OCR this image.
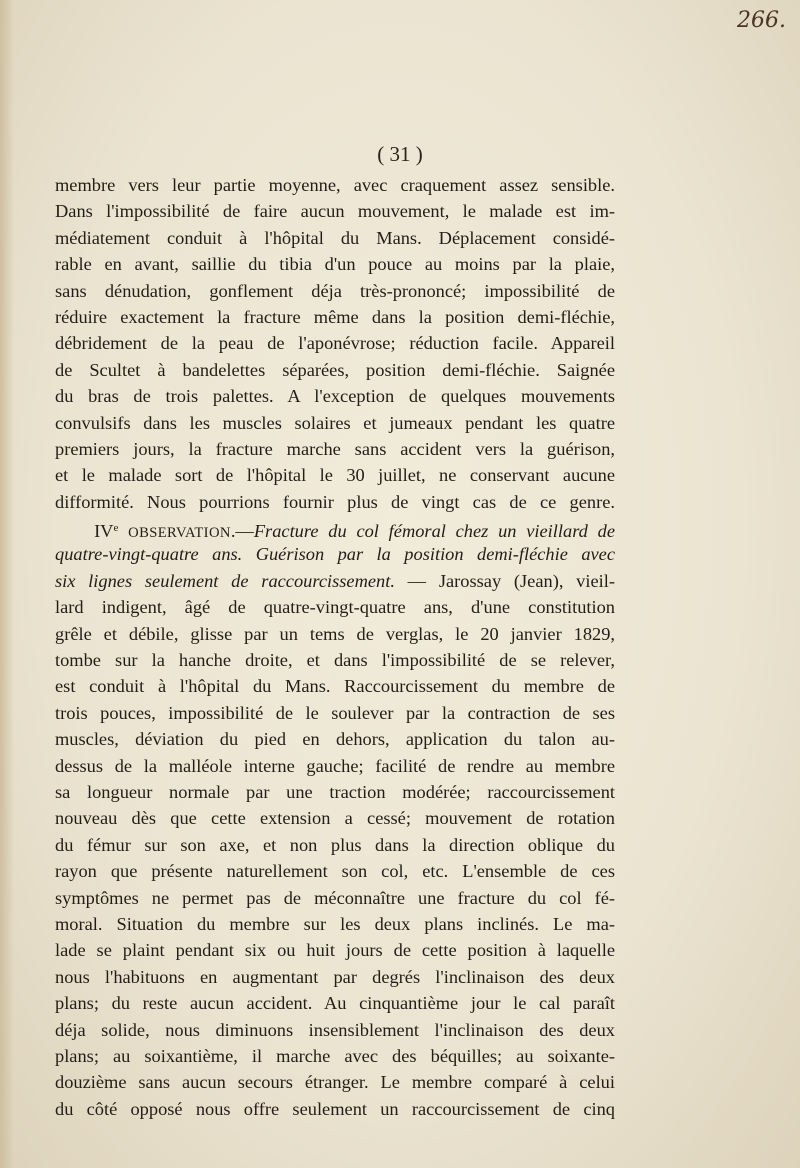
266.
( 31 )
membre vers leur partie moyenne, avec craquement assez sensible.
Dans l'impossibilité de faire aucun mouvement, le malade est im-
médiatement conduit à l'hôpital du Mans. Déplacement considé-
rable en avant, saillie du tibia d'un pouce au moins par la plaie,
sans dénudation, gonflement déja très-prononcé; impossibilité de
réduire exactement la fracture même dans la position demi-fléchie,
débridement de la peau de l'aponévrose; réduction facile. Appareil
de Scultet à bandelettes séparées, position demi-fléchie. Saignée
du bras de trois palettes. A l'exception de quelques mouvements
convulsifs dans les muscles solaires et jumeaux pendant les quatre
premiers jours, la fracture marche sans accident vers la guérison,
et le malade sort de l'hôpital le 30 juillet, ne conservant aucune
difformité. Nous pourrions fournir plus de vingt cas de ce genre.
IVe OBSERVATION.—Fracture du col fémoral chez un vieillard de
quatre-vingt-quatre ans. Guérison par la position demi-fléchie avec
six lignes seulement de raccourcissement. — Jarossay (Jean), vieil-
lard indigent, âgé de quatre-vingt-quatre ans, d'une constitution
grêle et débile, glisse par un tems de verglas, le 20 janvier 1829,
tombe sur la hanche droite, et dans l'impossibilité de se relever,
est conduit à l'hôpital du Mans. Raccourcissement du membre de
trois pouces, impossibilité de le soulever par la contraction de ses
muscles, déviation du pied en dehors, application du talon au-
dessus de la malléole interne gauche; facilité de rendre au membre
sa longueur normale par une traction modérée; raccourcissement
nouveau dès que cette extension a cessé; mouvement de rotation
du fémur sur son axe, et non plus dans la direction oblique du
rayon que présente naturellement son col, etc. L'ensemble de ces
symptômes ne permet pas de méconnaître une fracture du col fé-
moral. Situation du membre sur les deux plans inclinés. Le ma-
lade se plaint pendant six ou huit jours de cette position à laquelle
nous l'habituons en augmentant par degrés l'inclinaison des deux
plans; du reste aucun accident. Au cinquantième jour le cal paraît
déja solide, nous diminuons insensiblement l'inclinaison des deux
plans; au soixantième, il marche avec des béquilles; au soixante-
douzième sans aucun secours étranger. Le membre comparé à celui
du côté opposé nous offre seulement un raccourcissement de cinq
